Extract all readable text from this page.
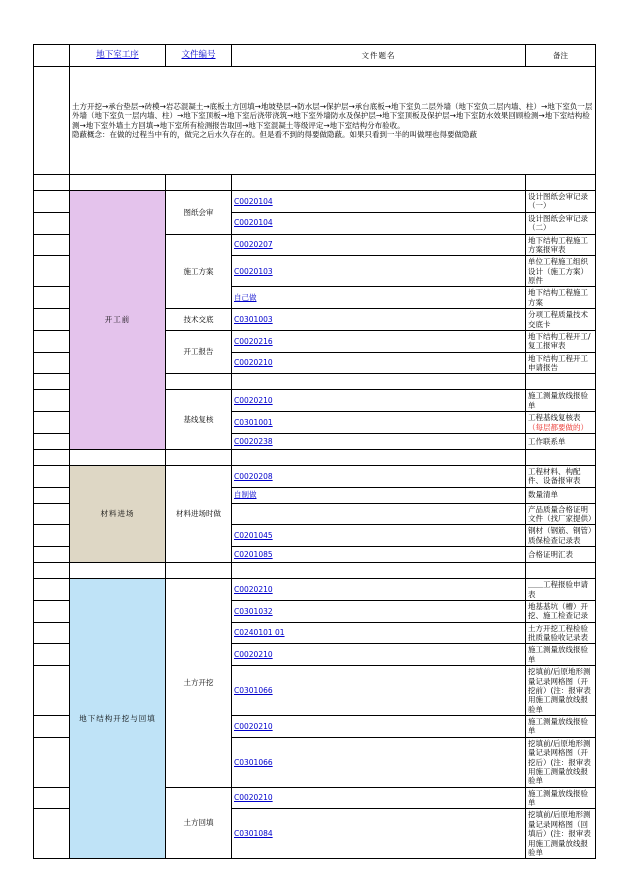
	地下室工序	文件编号	文件题名	备注

	土方开挖→承台垫层→砖模→岩芯混凝土→底板土方回填→地坡垫层→防水层→保护层→承台底板→地下室负二层外墙（地下室负二层内墙、柱）→地下室负一层外墙（地下室负一层内墙、柱）→地下室顶板→地下室后浇带浇筑→地下室外墙防水及保护层→地下室顶板及保护层→地下室防水效果回顾检测→地下室结构检测→地下室外墙土方回填→地下室所有检测报告取回→地下室混凝土等级评定→地下室结构分布验收。
隐蔽概念：在做的过程当中有的，做完之后水久存在的。但是看不到的得要做隐蔽。如果只看到一半的叫做埋也得要做隐蔽			

	开工前	图纸会审	C0020104	设计图纸会审记录（一）
			C0020104	设计图纸会审记录（二）
		施工方案	C0020207	地下结构工程施工方案报审表
			C0020103	单位工程施工组织设计（施工方案）原件
			自己做	地下结构工程施工方案
		技术交底	C0301003	分项工程质量技术交底卡
		开工报告	C0020216	地下结构工程开工/复工报审表
			C0020210	地下结构工程开工申请报告

		基线复核	C0020210	施工测量放线报验单
			C0301001	工程基线复核表 （每层都要做的）
			C0020238	工作联系单

	材料进场	材料进场时做	C0020208	工程材料、构配件、设备报审表
			自制做	数量清单
				产品质量合格证明文件（找厂家提供）
			C0201045	钢材（钢筋、钢管）质保检查记录表
			C0201085	合格证明汇表

	地下结构开挖与回填	土方开挖	C0020210	＿＿工程报验申请表
			C0301032	地基基坑（槽）开挖、施工检查记录
			C0240101 01	土方开挖工程检验批质量验收记录表
			C0020210	施工测量放线报验单
			C0301066	挖填前/后原地形测量记录网格图（开挖前）(注：报审表用施工测量放线报验单
			C0020210	施工测量放线报验单
			C0301066	挖填前/后原地形测量记录网格图（开挖后）(注：报审表用施工测量放线报验单
		土方回填	C0020210	施工测量放线报验单
			C0301084	挖填前/后原地形测量记录网格图（回填后）(注：报审表用施工测量放线报验单
